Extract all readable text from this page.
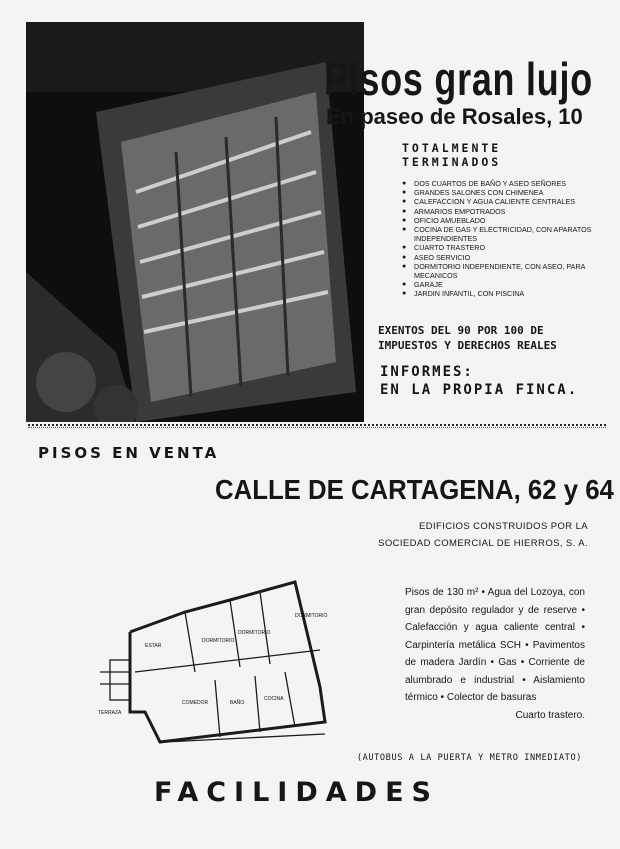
Pisos gran lujo
En paseo de Rosales, 10
TOTALMENTE
TERMINADOS
● DOS CUARTOS DE BAÑO Y ASEO SEÑORES
● GRANDES SALONES CON CHIMENEA
● CALEFACCION Y AGUA CALIENTE CENTRALES
● ARMARIOS EMPOTRADOS
● OFICIO AMUEBLADO
● COCINA DE GAS Y ELECTRICIDAD, CON APARATOS INDEPENDIENTES
● CUARTO TRASTERO
● ASEO SERVICIO
● DORMITORIO INDEPENDIENTE, CON ASEO, PARA MECANICOS
● GARAJE
● JARDIN INFANTIL, CON PISCINA

EXENTOS DEL 90 POR 100 DE IMPUESTOS Y DERECHOS REALES

INFORMES:
EN LA PROPIA FINCA.
PISOS EN VENTA
CALLE DE CARTAGENA, 62 y 64
EDIFICIOS CONSTRUIDOS POR LA
SOCIEDAD COMERCIAL DE HIERROS, S. A.
TERRAZA
COMEDOR
ESTAR
DORMITORIO
DORMITORIO
BAÑO
COCINA
DORMITORIO

Pisos de 130 m² • Agua del Lozoya, con gran depósito regulador y de reserve • Calefacción y agua caliente central • Carpintería metálica SCH • Pavimentos de madera Jardín • Gas • Corriente de alumbrado e industrial • Aislamiento térmico • Colector de basuras
Cuarto trastero.

(AUTOBUS A LA PUERTA Y METRO INMEDIATO)
FACILIDADES
